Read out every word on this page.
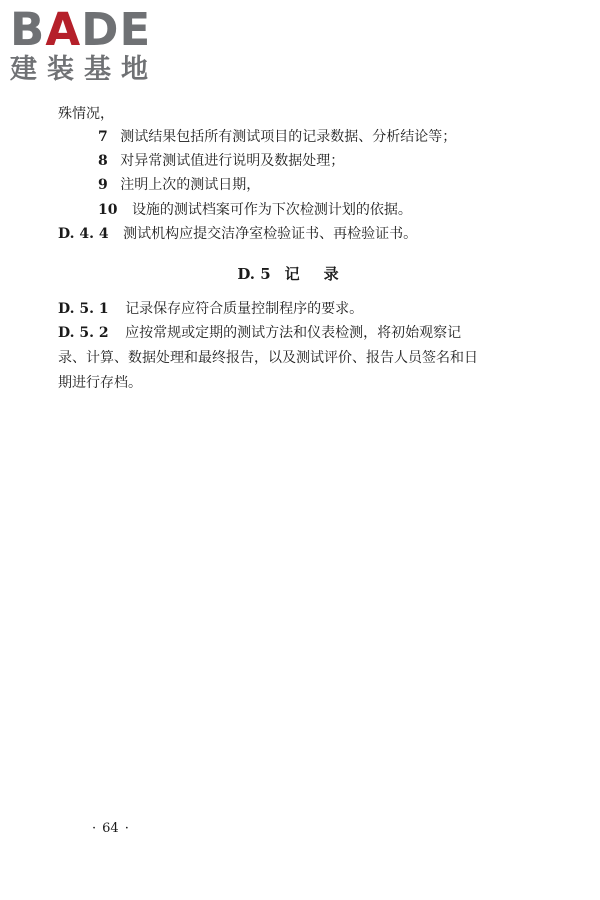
BADE
建装基地
殊情况，
7 测试结果包括所有测试项目的记录数据、分析结论等；
8 对异常测试值进行说明及数据处理；
9 注明上次的测试日期，
10 设施的测试档案可作为下次检测计划的依据。
D. 4. 4 测试机构应提交洁净室检验证书、再检验证书。
D. 5 记录
D. 5. 1 记录保存应符合质量控制程序的要求。
D. 5. 2 应按常规或定期的测试方法和仪表检测，将初始观察记
录、计算、数据处理和最终报告，以及测试评价、报告人员签名和日
期进行存档。
· 64 ·
